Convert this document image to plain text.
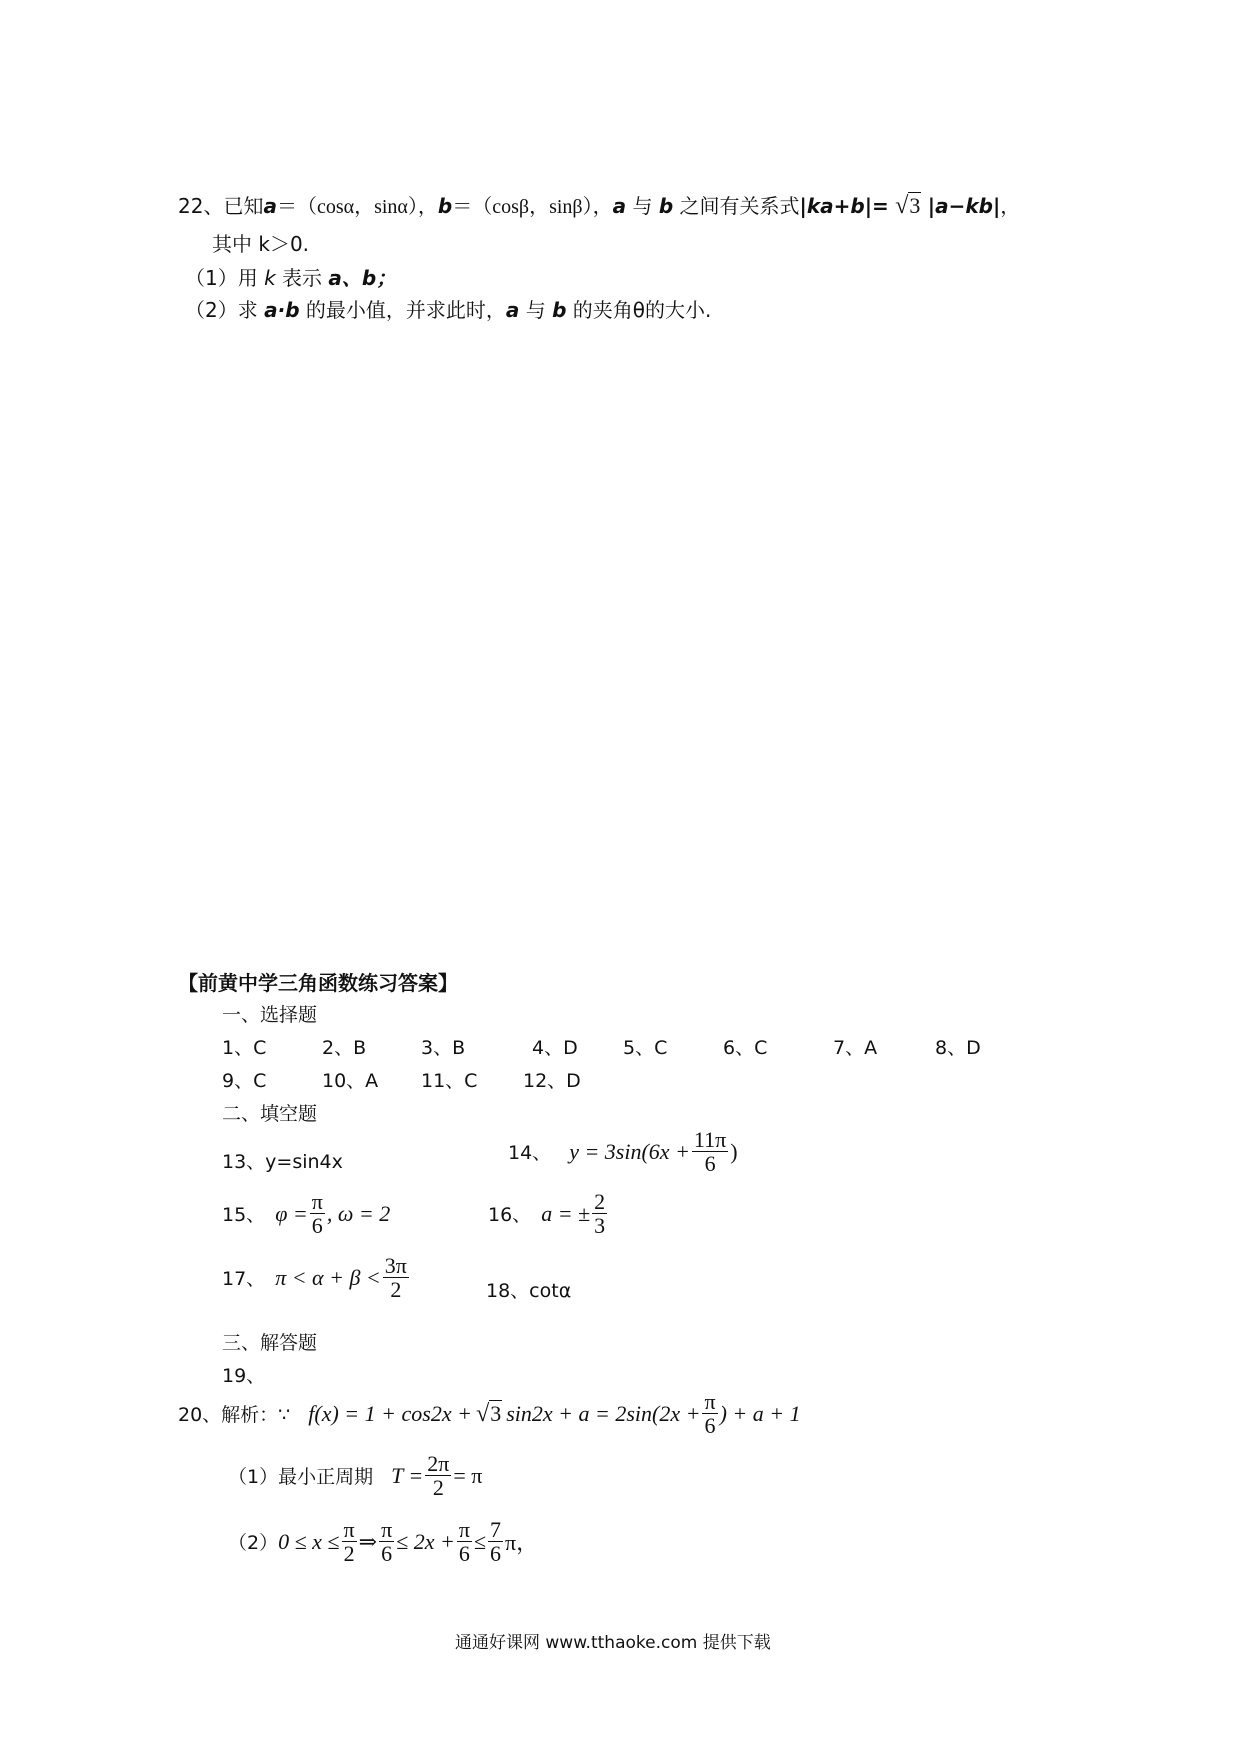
22、已知a＝（cosα，sinα），b＝（cosβ，sinβ），a 与 b 之间有关系式|ka+b|= √ 3 |a−kb|，
其中 k＞0.
（1）用 k 表示 a、b；
（2）求 a·b 的最小值，并求此时，a 与 b 的夹角θ的大小.
【前黄中学三角函数练习答案】
一、选择题
1、C	2、B	3、B	4、D 5、C	6、C	7、A	8、D
9、C	10、A 11、C 12、D
二、填空题
13、y=sin4x	14、 $y = 3\sin(6x + \frac{11\pi}{6}$ )
15、 $\varphi = \frac{\pi}{6}$ , ω = 2	16、 a = ± $\frac{2}{3}$
17、 $\pi < \alpha + \beta < \frac{3\pi}{2}$	18、cotα
三、解答题
19、
20、解析：∵ f(x) = 1 + cos2x + √ 3 $\sin 2x + a = 2\sin(2x + \frac{\pi}{6}$ ) + a + 1
（1）最小正周期 $T = \frac{2\pi}{2} = \pi$
（2） $0 \le x \le \frac{\pi}{2}$ ⇒ $\frac{\pi}{6} \le 2x + \frac{\pi}{6} \le \frac{7}{6}$ π，
通通好课网 www.tthaoke.com 提供下载
